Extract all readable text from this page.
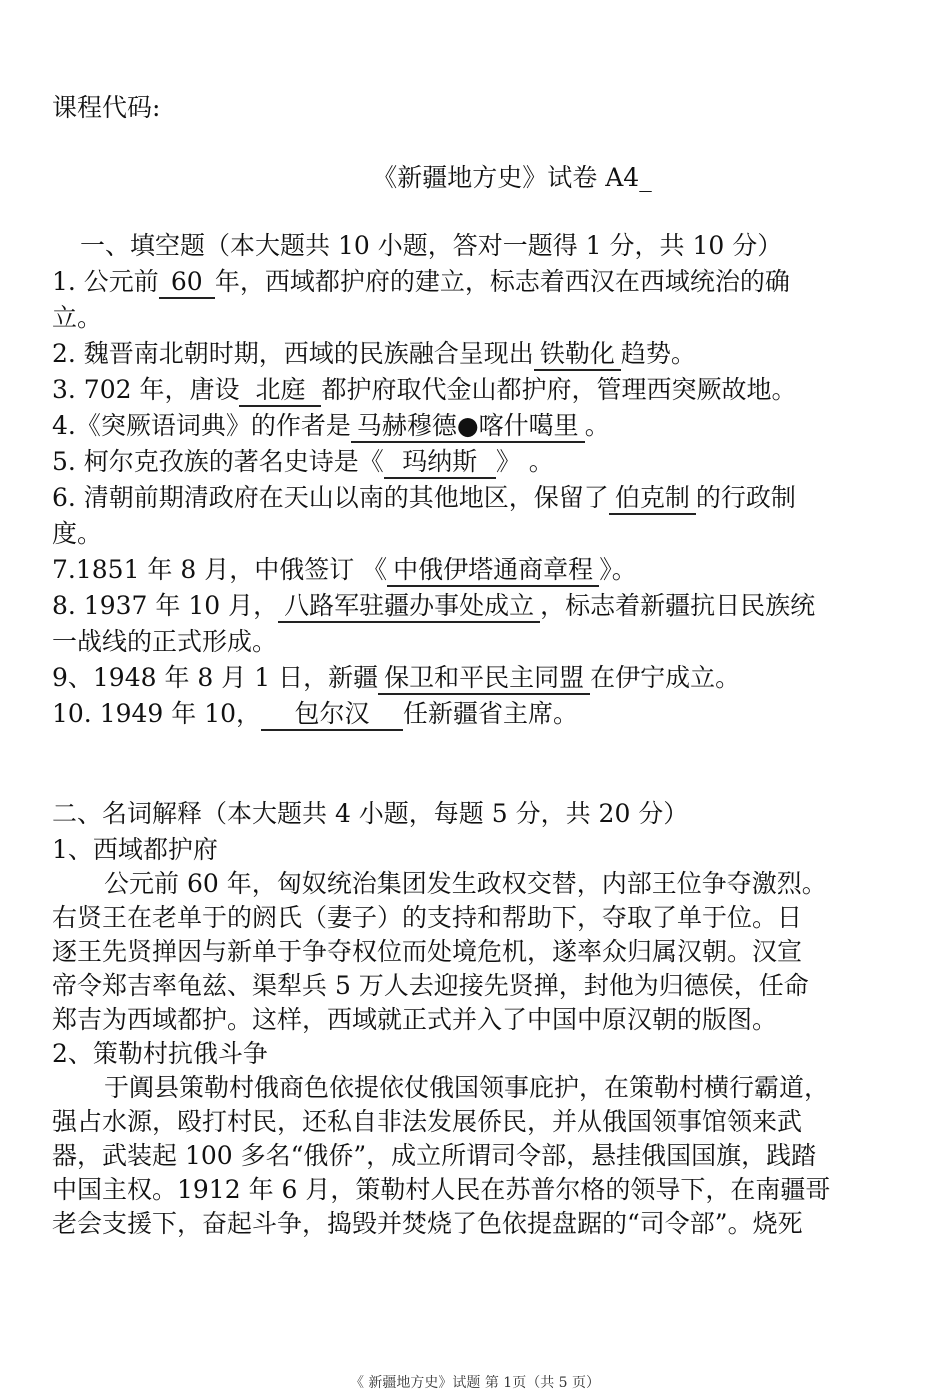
课程代码:
《新疆地方史》试卷 A4_
一、填空题（本大题共 10 小题，答对一题得 1 分，共 10 分）
1. 公元前 60 年，西域都护府的建立，标志着西汉在西域统治的确
立。
2. 魏晋南北朝时期，西域的民族融合呈现出 铁勒化 趋势。
3. 702 年，唐设 北庭 都护府取代金山都护府，管理西突厥故地。
4.《突厥语词典》的作者是 马赫穆德●喀什噶里 。
5. 柯尔克孜族的著名史诗是《 玛纳斯 》 。
6. 清朝前期清政府在天山以南的其他地区，保留了 伯克制 的行政制
度。
7.1851 年 8 月，中俄签订 《 中俄伊塔通商章程 》。
8. 1937 年 10 月， 八路军驻疆办事处成立 ，标志着新疆抗日民族统
一战线的正式形成。
9、1948 年 8 月 1 日，新疆 保卫和平民主同盟 在伊宁成立。
10. 1949 年 10， 包尔汉 任新疆省主席。
二、名词解释（本大题共 4 小题，每题 5 分，共 20 分）
1、西域都护府
公元前 60 年，匈奴统治集团发生政权交替，内部王位争夺激烈。
右贤王在老单于的阏氏（妻子）的支持和帮助下，夺取了单于位。日
逐王先贤掸因与新单于争夺权位而处境危机，遂率众归属汉朝。汉宣
帝令郑吉率龟兹、渠犁兵 5 万人去迎接先贤掸，封他为归德侯，任命
郑吉为西域都护。这样，西域就正式并入了中国中原汉朝的版图。
2、策勒村抗俄斗争
于阗县策勒村俄商色依提依仗俄国领事庇护，在策勒村横行霸道，
强占水源，殴打村民，还私自非法发展侨民，并从俄国领事馆领来武
器，武装起 100 多名“俄侨”，成立所谓司令部，悬挂俄国国旗，践踏
中国主权。1912 年 6 月，策勒村人民在苏普尔格的领导下，在南疆哥
老会支援下，奋起斗争，捣毁并焚烧了色依提盘踞的“司令部”。烧死
《 新疆地方史》试题 第 1页（共 5 页）
